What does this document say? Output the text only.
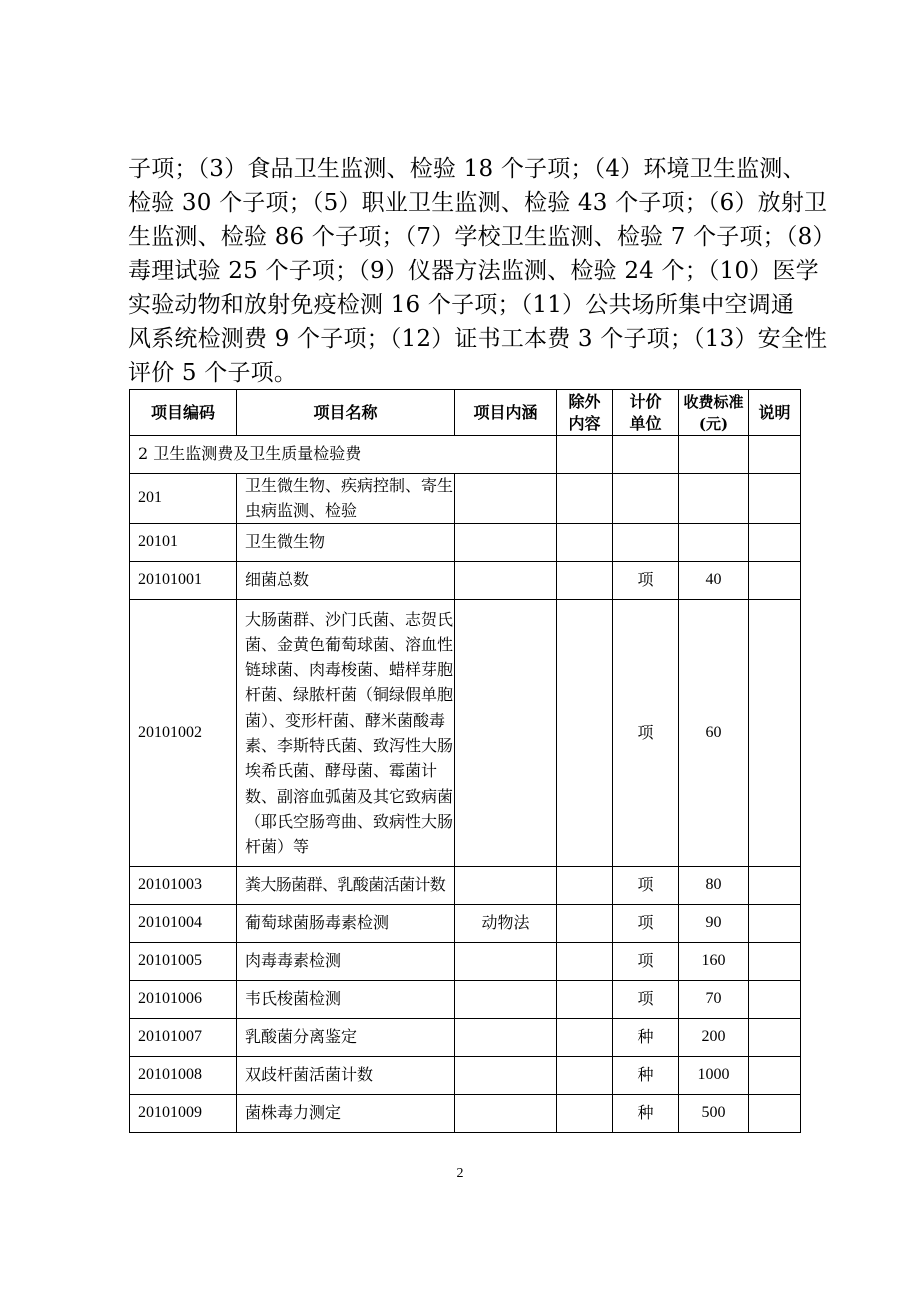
子项；（3）食品卫生监测、检验 18 个子项；（4）环境卫生监测、

检验 30 个子项；（5）职业卫生监测、检验 43 个子项；（6）放射卫

生监测、检验 86 个子项；（7）学校卫生监测、检验 7 个子项；（8）

毒理试验 25 个子项；（9）仪器方法监测、检验 24 个；（10）医学

实验动物和放射免疫检测 16 个子项；（11）公共场所集中空调通

风系统检测费 9 个子项；（12）证书工本费 3 个子项；（13）安全性

评价 5 个子项。

项目编码	项目名称	项目内涵	除外
内容	计价
单位	收费标准
(元)	说明
2 卫生监测费及卫生质量检验费						
201	卫生微生物、疾病控制、寄生虫病监测、检验					
20101	卫生微生物					
20101001	细菌总数			项	40	
20101002	大肠菌群、沙门氏菌、志贺氏菌、金黄色葡萄球菌、溶血性链球菌、肉毒梭菌、蜡样芽胞杆菌、绿脓杆菌（铜绿假单胞菌）、变形杆菌、酵米菌酸毒素、李斯特氏菌、致泻性大肠埃希氏菌、酵母菌、霉菌计数、副溶血弧菌及其它致病菌（耶氏空肠弯曲、致病性大肠杆菌）等			项	60	
20101003	粪大肠菌群、乳酸菌活菌计数			项	80	
20101004	葡萄球菌肠毒素检测	动物法		项	90	
20101005	肉毒毒素检测			项	160	
20101006	韦氏梭菌检测			项	70	
20101007	乳酸菌分离鉴定			种	200	
20101008	双歧杆菌活菌计数			种	1000	
20101009	菌株毒力测定			种	500	
2
